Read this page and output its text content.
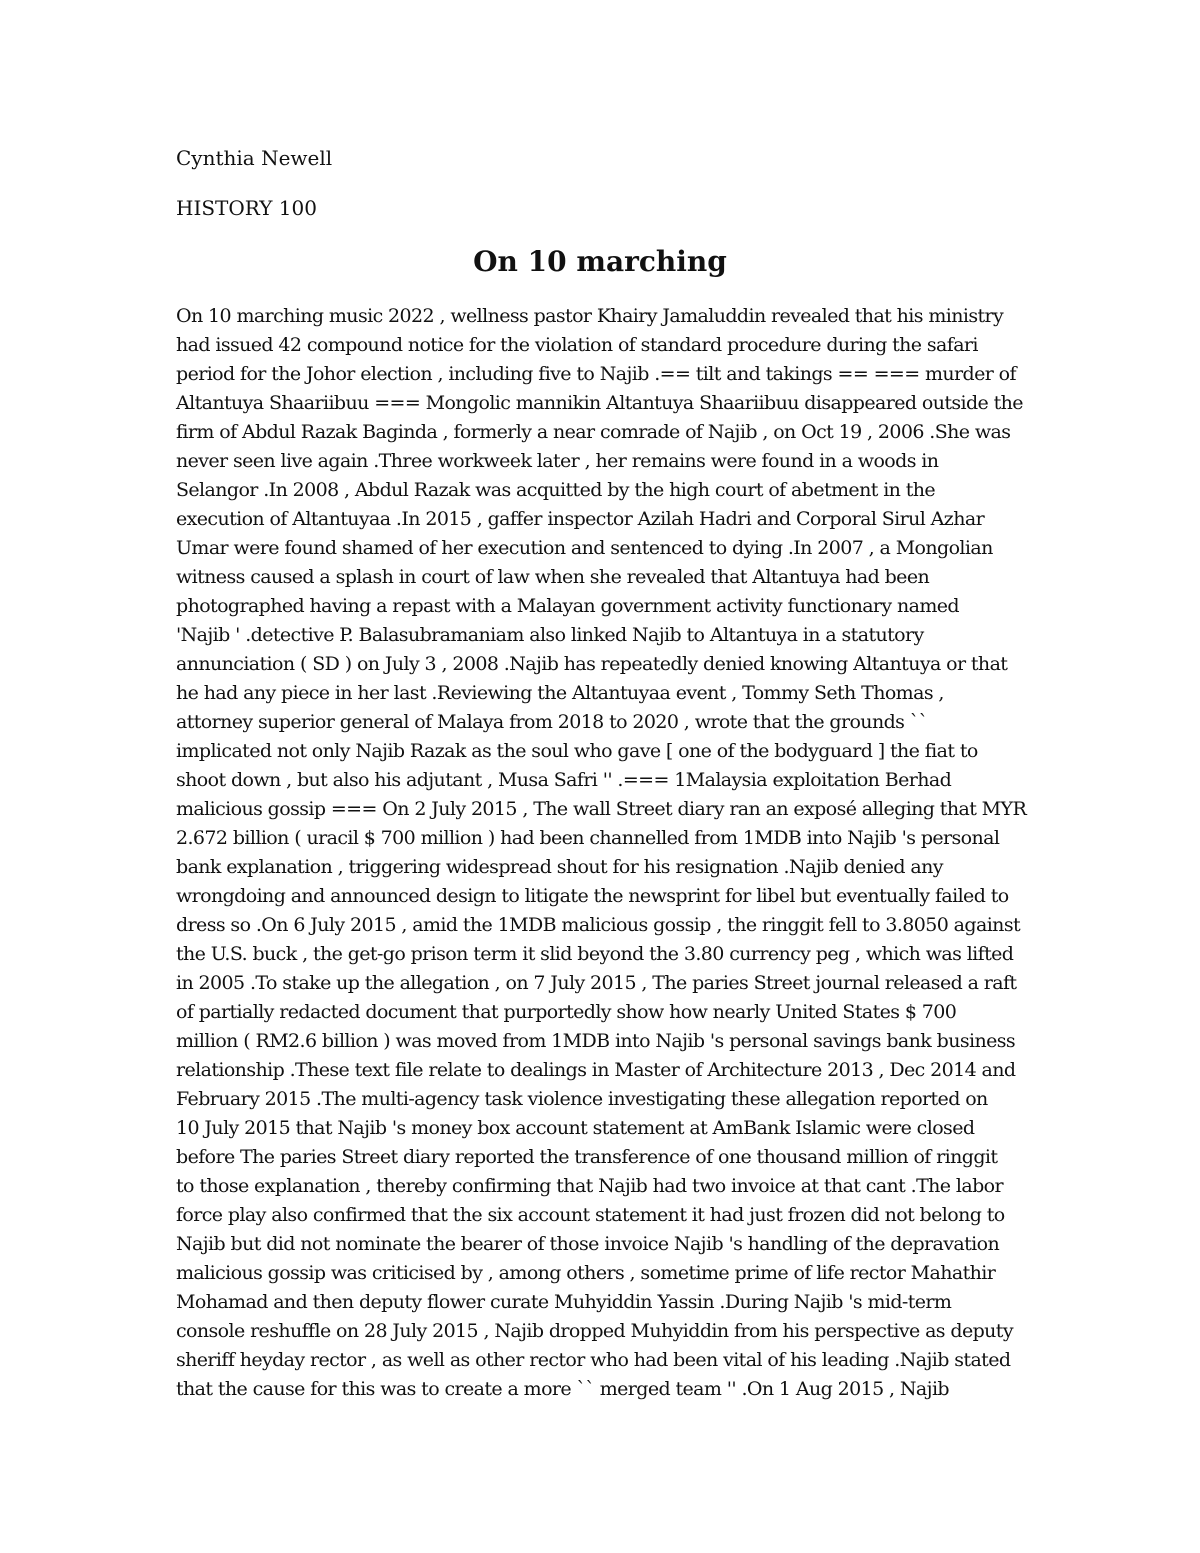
Cynthia Newell
HISTORY 100
On 10 marching
On 10 marching music 2022 , wellness pastor Khairy Jamaluddin revealed that his ministry
had issued 42 compound notice for the violation of standard procedure during the safari
period for the Johor election , including five to Najib .== tilt and takings == === murder of
Altantuya Shaariibuu === Mongolic mannikin Altantuya Shaariibuu disappeared outside the
firm of Abdul Razak Baginda , formerly a near comrade of Najib , on Oct 19 , 2006 .She was
never seen live again .Three workweek later , her remains were found in a woods in
Selangor .In 2008 , Abdul Razak was acquitted by the high court of abetment in the
execution of Altantuyaa .In 2015 , gaffer inspector Azilah Hadri and Corporal Sirul Azhar
Umar were found shamed of her execution and sentenced to dying .In 2007 , a Mongolian
witness caused a splash in court of law when she revealed that Altantuya had been
photographed having a repast with a Malayan government activity functionary named
'Najib ' .detective P. Balasubramaniam also linked Najib to Altantuya in a statutory
annunciation ( SD ) on July 3 , 2008 .Najib has repeatedly denied knowing Altantuya or that
he had any piece in her last .Reviewing the Altantuyaa event , Tommy Seth Thomas ,
attorney superior general of Malaya from 2018 to 2020 , wrote that the grounds ``
implicated not only Najib Razak as the soul who gave [ one of the bodyguard ] the fiat to
shoot down , but also his adjutant , Musa Safri '' .=== 1Malaysia exploitation Berhad
malicious gossip === On 2 July 2015 , The wall Street diary ran an exposé alleging that MYR
2.672 billion ( uracil $ 700 million ) had been channelled from 1MDB into Najib 's personal
bank explanation , triggering widespread shout for his resignation .Najib denied any
wrongdoing and announced design to litigate the newsprint for libel but eventually failed to
dress so .On 6 July 2015 , amid the 1MDB malicious gossip , the ringgit fell to 3.8050 against
the U.S. buck , the get-go prison term it slid beyond the 3.80 currency peg , which was lifted
in 2005 .To stake up the allegation , on 7 July 2015 , The paries Street journal released a raft
of partially redacted document that purportedly show how nearly United States $ 700
million ( RM2.6 billion ) was moved from 1MDB into Najib 's personal savings bank business
relationship .These text file relate to dealings in Master of Architecture 2013 , Dec 2014 and
February 2015 .The multi-agency task violence investigating these allegation reported on
10 July 2015 that Najib 's money box account statement at AmBank Islamic were closed
before The paries Street diary reported the transference of one thousand million of ringgit
to those explanation , thereby confirming that Najib had two invoice at that cant .The labor
force play also confirmed that the six account statement it had just frozen did not belong to
Najib but did not nominate the bearer of those invoice Najib 's handling of the depravation
malicious gossip was criticised by , among others , sometime prime of life rector Mahathir
Mohamad and then deputy flower curate Muhyiddin Yassin .During Najib 's mid-term
console reshuffle on 28 July 2015 , Najib dropped Muhyiddin from his perspective as deputy
sheriff heyday rector , as well as other rector who had been vital of his leading .Najib stated
that the cause for this was to create a more `` merged team '' .On 1 Aug 2015 , Najib
